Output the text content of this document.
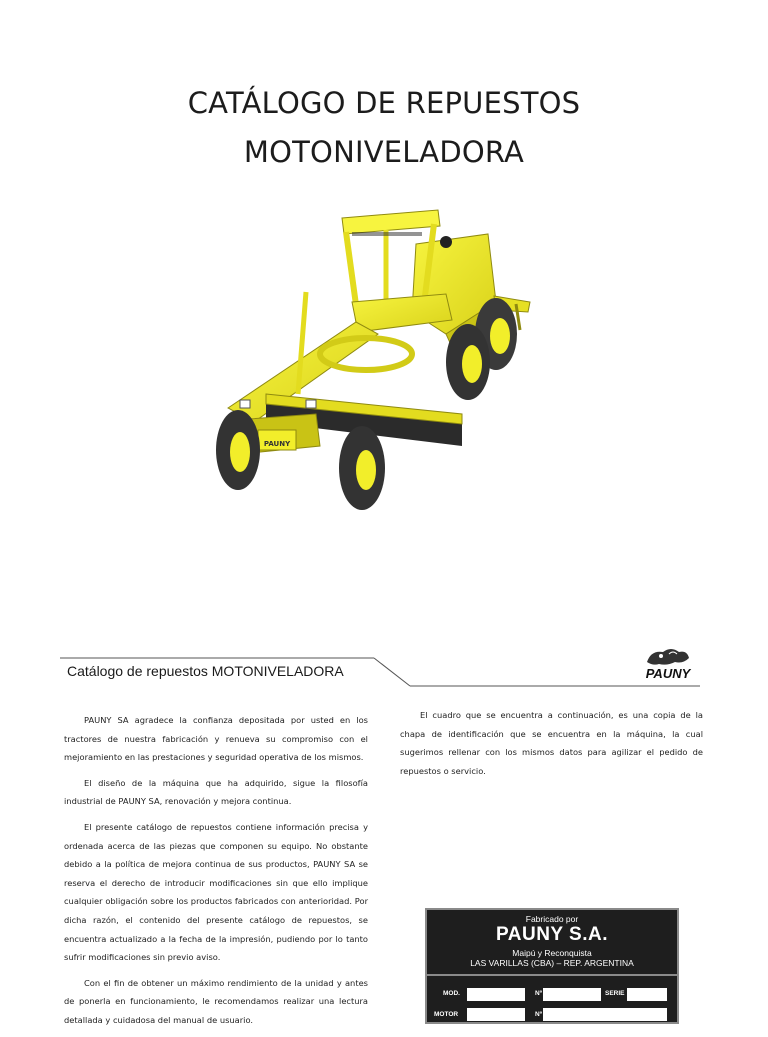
CATÁLOGO DE REPUESTOS
MOTONIVELADORA
PAUNY
Catálogo de repuestos MOTONIVELADORA	PAUNY

PAUNY SA agradece la confianza depositada por usted en los tractores de nuestra fabricación y renueva su compromiso con el mejoramiento en las prestaciones y seguridad operativa de los mismos.

El diseño de la máquina que ha adquirido, sigue la filosofía industrial de PAUNY SA, renovación y mejora continua.

El presente catálogo de repuestos contiene información precisa y ordenada acerca de las piezas que componen su equipo. No obstante debido a la política de mejora continua de sus productos, PAUNY SA se reserva el derecho de introducir modificaciones sin que ello implique cualquier obligación sobre los productos fabricados con anterioridad. Por dicha razón, el contenido del presente catálogo de repuestos, se encuentra actualizado a la fecha de la impresión, pudiendo por lo tanto sufrir modificaciones sin previo aviso.

Con el fin de obtener un máximo rendimiento de la unidad y antes de ponerla en funcionamiento, le recomendamos realizar una lectura detallada y cuidadosa del manual de usuario.

El cuadro que se encuentra a continuación, es una copia de la chapa de identificación que se encuentra en la máquina, la cual sugerimos rellenar con los mismos datos para agilizar el pedido de repuestos o servicio.

Fabricado por
PAUNY S.A.
Maipú y Reconquista
LAS VARILLAS (CBA) – REP. ARGENTINA
MOD.	Nº	SERIE
MOTOR	Nº
